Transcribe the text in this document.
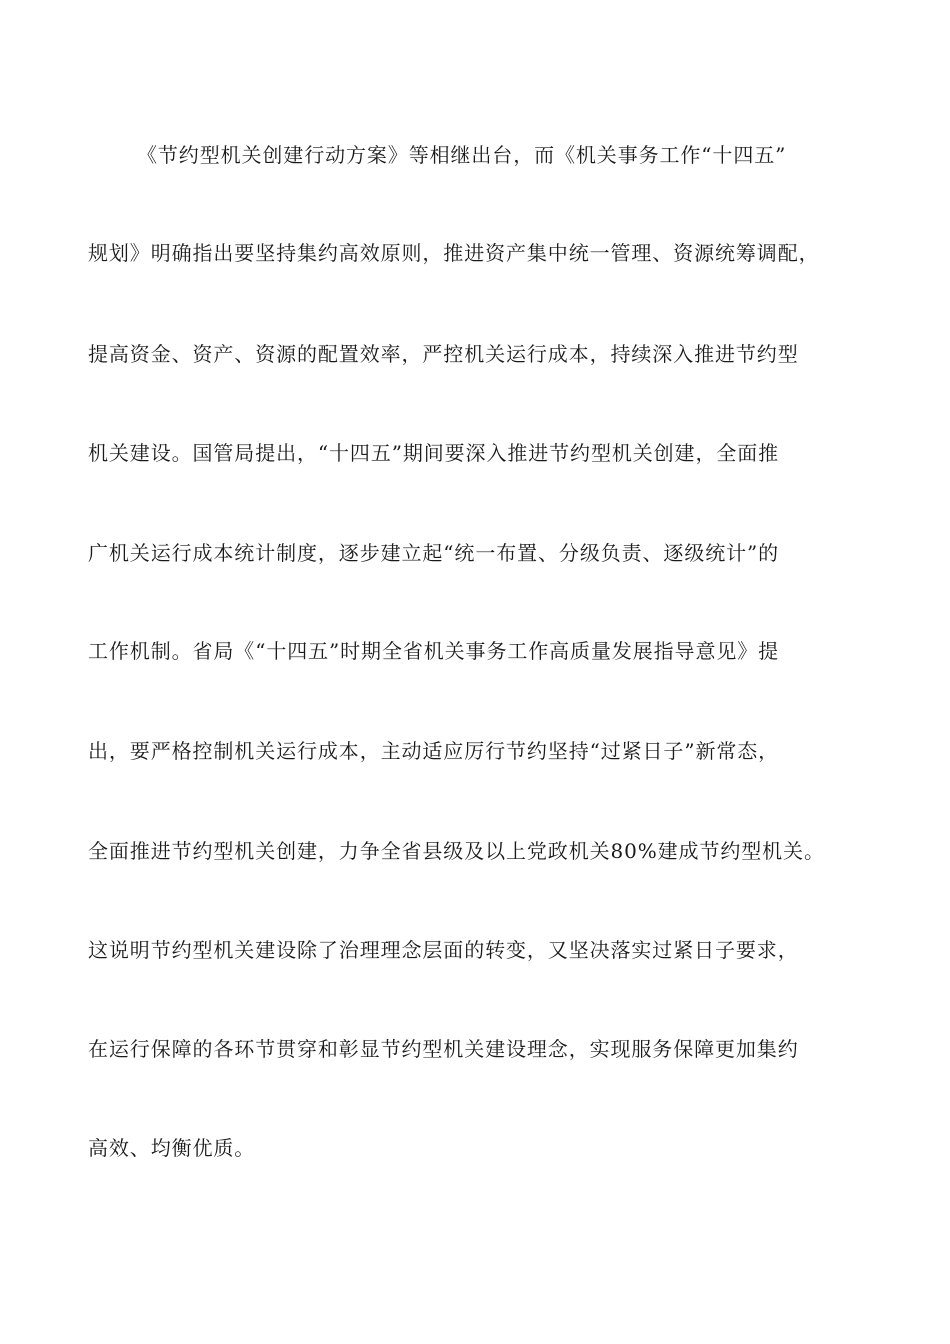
《节约型机关创建行动方案》等相继出台，而《机关事务工作“十四五”
规划》明确指出要坚持集约高效原则，推进资产集中统一管理、资源统筹调配，
提高资金、资产、资源的配置效率，严控机关运行成本，持续深入推进节约型
机关建设。国管局提出，“十四五”期间要深入推进节约型机关创建，全面推
广机关运行成本统计制度，逐步建立起“统一布置、分级负责、逐级统计”的
工作机制。省局《“十四五”时期全省机关事务工作高质量发展指导意见》提
出，要严格控制机关运行成本，主动适应厉行节约坚持“过紧日子”新常态，
全面推进节约型机关创建，力争全省县级及以上党政机关80%建成节约型机关。
这说明节约型机关建设除了治理理念层面的转变，又坚决落实过紧日子要求，
在运行保障的各环节贯穿和彰显节约型机关建设理念，实现服务保障更加集约
高效、均衡优质。
